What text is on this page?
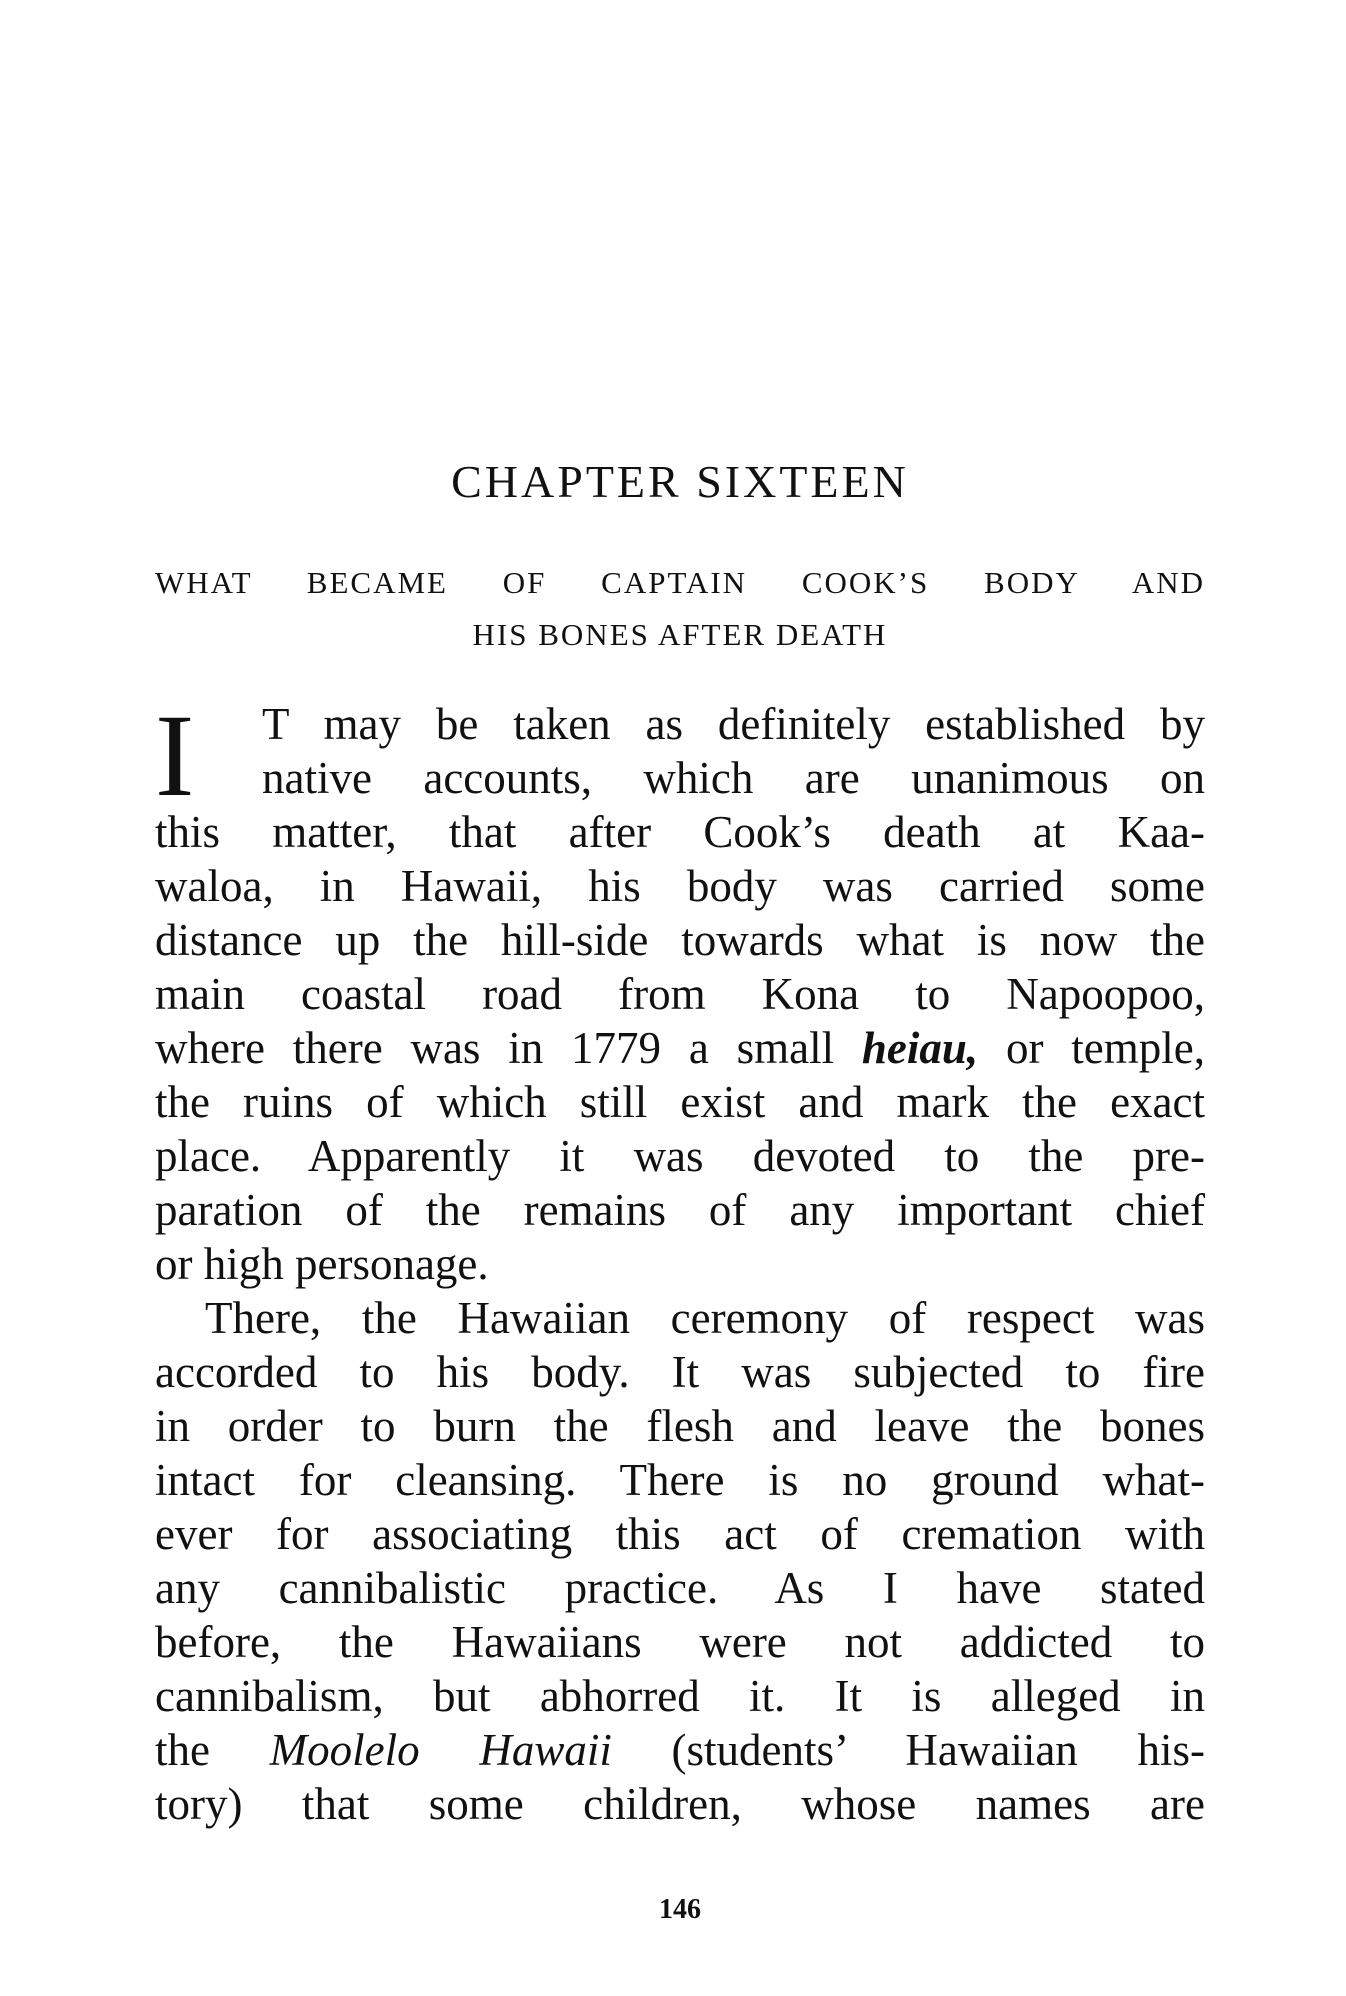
CHAPTER SIXTEEN
WHAT BECAME OF CAPTAIN COOK’S BODY AND
HIS BONES AFTER DEATH
I T may be taken as definitely established by
native accounts, which are unanimous on
this matter, that after Cook’s death at Kaa-
waloa, in Hawaii, his body was carried some
distance up the hill-side towards what is now the
main coastal road from Kona to Napoopoo,
where there was in 1779 a small heiau, or temple,
the ruins of which still exist and mark the exact
place. Apparently it was devoted to the pre-
paration of the remains of any important chief
or high personage.
There, the Hawaiian ceremony of respect was
accorded to his body. It was subjected to fire
in order to burn the flesh and leave the bones
intact for cleansing. There is no ground what-
ever for associating this act of cremation with
any cannibalistic practice. As I have stated
before, the Hawaiians were not addicted to
cannibalism, but abhorred it. It is alleged in
the Moolelo Hawaii (students’ Hawaiian his-
tory) that some children, whose names are
146
